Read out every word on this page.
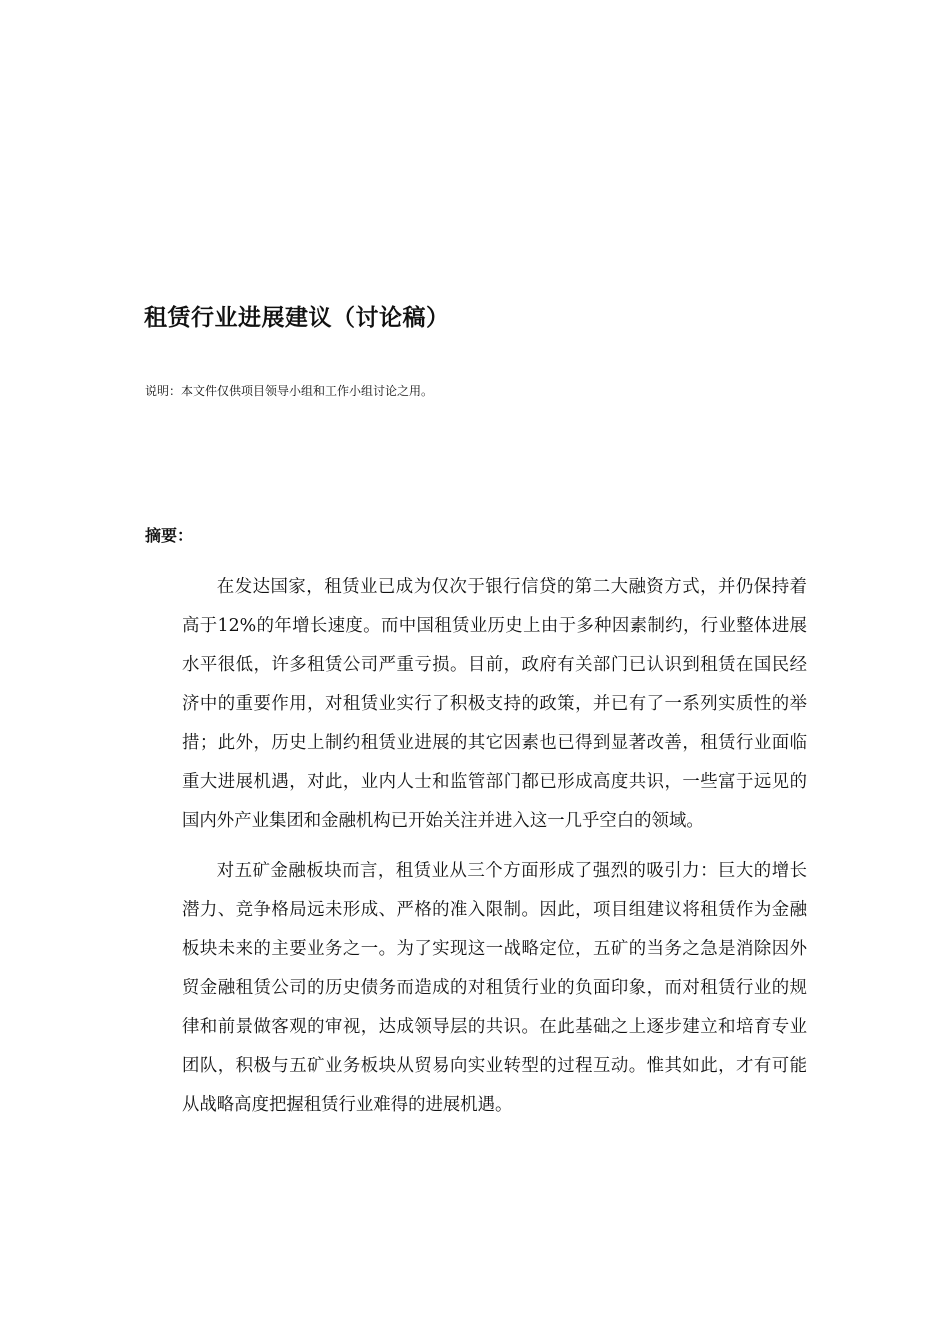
租赁行业进展建议（讨论稿）

说明：本文件仅供项目领导小组和工作小组讨论之用。

摘要：

在发达国家，租赁业已成为仅次于银行信贷的第二大融资方式，并仍保持着高于12%的年增长速度。而中国租赁业历史上由于多种因素制约，行业整体进展水平很低，许多租赁公司严重亏损。目前，政府有关部门已认识到租赁在国民经济中的重要作用，对租赁业实行了积极支持的政策，并已有了一系列实质性的举措；此外，历史上制约租赁业进展的其它因素也已得到显著改善，租赁行业面临重大进展机遇，对此，业内人士和监管部门都已形成高度共识，一些富于远见的国内外产业集团和金融机构已开始关注并进入这一几乎空白的领域。

对五矿金融板块而言，租赁业从三个方面形成了强烈的吸引力：巨大的增长潜力、竞争格局远未形成、严格的准入限制。因此，项目组建议将租赁作为金融板块未来的主要业务之一。为了实现这一战略定位，五矿的当务之急是消除因外贸金融租赁公司的历史债务而造成的对租赁行业的负面印象，而对租赁行业的规律和前景做客观的审视，达成领导层的共识。在此基础之上逐步建立和培育专业团队，积极与五矿业务板块从贸易向实业转型的过程互动。惟其如此，才有可能从战略高度把握租赁行业难得的进展机遇。
